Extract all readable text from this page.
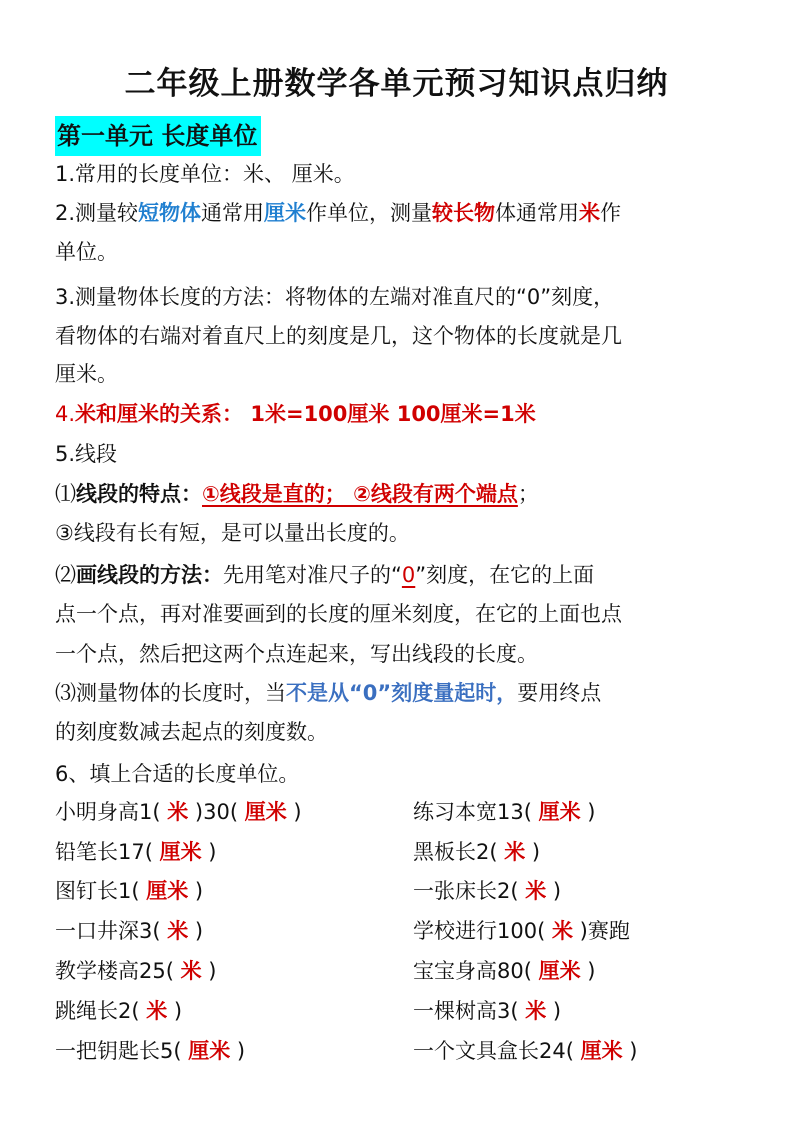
二年级上册数学各单元预习知识点归纳
第一单元 长度单位
1.常用的长度单位：米、 厘米。
2.测量较短物体通常用厘米作单位，测量较长物体通常用米作
单位。
3.测量物体长度的方法：将物体的左端对准直尺的“0”刻度，
看物体的右端对着直尺上的刻度是几，这个物体的长度就是几
厘米。
4.米和厘米的关系： 1米=100厘米 100厘米=1米
5.线段
⑴线段的特点：①线段是直的； ②线段有两个端点；
③线段有长有短，是可以量出长度的。
⑵画线段的方法：先用笔对准尺子的“0”刻度，在它的上面
点一个点，再对准要画到的长度的厘米刻度，在它的上面也点
一个点，然后把这两个点连起来，写出线段的长度。
⑶测量物体的长度时，当不是从“0”刻度量起时，要用终点
的刻度数减去起点的刻度数。
6、填上合适的长度单位。
小明身高1( 米 )30( 厘米 )
铅笔长17( 厘米 )
图钉长1( 厘米 )
一口井深3( 米 )
教学楼高25( 米 )
跳绳长2( 米 )
一把钥匙长5( 厘米 )
练习本宽13( 厘米 )
黑板长2( 米 )
一张床长2( 米 )
学校进行100( 米 )赛跑
宝宝身高80( 厘米 )
一棵树高3( 米 )
一个文具盒长24( 厘米 )
